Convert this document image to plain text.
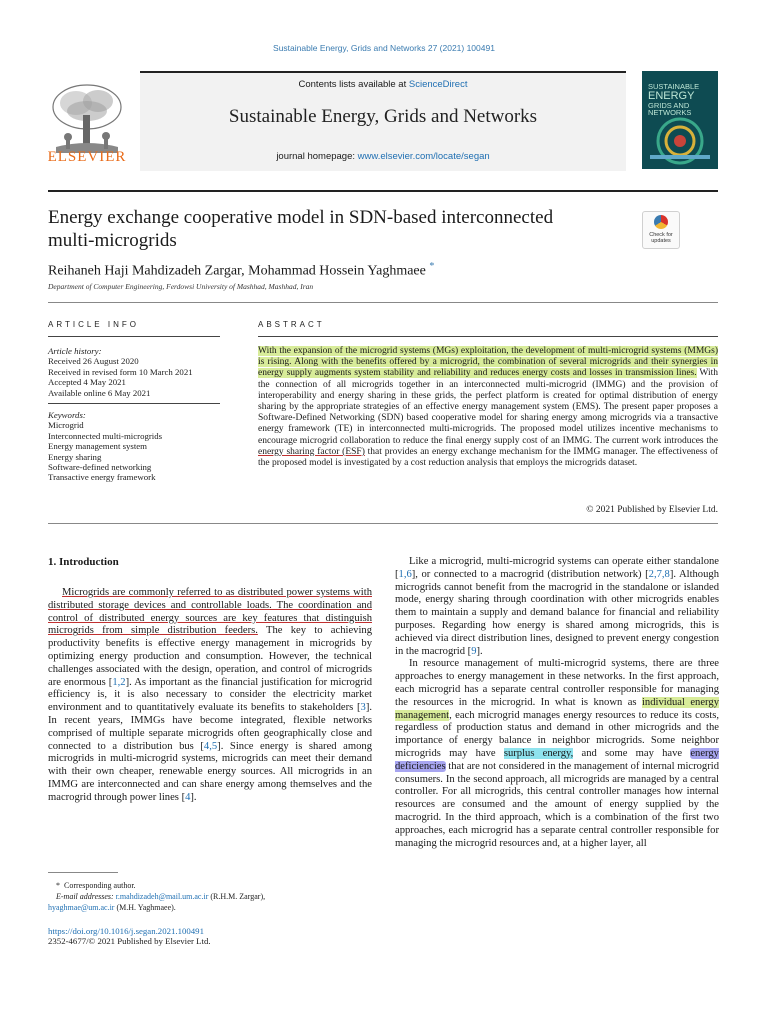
Sustainable Energy, Grids and Networks 27 (2021) 100491
Contents lists available at ScienceDirect
Sustainable Energy, Grids and Networks
journal homepage: www.elsevier.com/locate/segan
ELSEVIER
SUSTAINABLE
ENERGY
GRIDS AND
NETWORKS
Energy exchange cooperative model in SDN-based interconnected
multi-microgrids	Check for
updates
Reihaneh Haji Mahdizadeh Zargar, Mohammad Hossein Yaghmaee *
Department of Computer Engineering, Ferdowsi University of Mashhad, Mashhad, Iran
ARTICLE INFO	ABSTRACT
Article history:
Received 26 August 2020
Received in revised form 10 March 2021
Accepted 4 May 2021
Available online 6 May 2021
Keywords:
Microgrid
Interconnected multi-microgrids
Energy management system
Energy sharing
Software-defined networking
Transactive energy framework
With the expansion of the microgrid systems (MGs) exploitation, the development of multi-microgrid systems (MMGs) is rising. Along with the benefits offered by a microgrid, the combination of several microgrids and their synergies in energy supply augments system stability and reliability and reduces energy costs and losses in transmission lines. With the connection of all microgrids together in an interconnected multi-microgrid (IMMG) and the provision of interoperability and energy sharing in these grids, the perfect platform is created for optimal distribution of energy sharing by the appropriate strategies of an effective energy management system (EMS). The present paper proposes a Software-Defined Networking (SDN) based cooperative model for sharing energy among microgrids via a transactive energy framework (TE) in interconnected multi-microgrids. The proposed model utilizes incentive mechanisms to encourage microgrid collaboration to reduce the final energy supply cost of an IMMG. The current work introduces the energy sharing factor (ESF) that provides an energy exchange mechanism for the IMMG manager. The effectiveness of the proposed model is investigated by a cost reduction analysis that employs the microgrids dataset.
© 2021 Published by Elsevier Ltd.
1. Introduction

Microgrids are commonly referred to as distributed power systems with distributed storage devices and controllable loads. The coordination and control of distributed energy sources are key features that distinguish microgrids from simple distribution feeders. The key to achieving productivity benefits is effective energy management in microgrids by optimizing energy production and consumption. However, the technical challenges associated with the design, operation, and control of microgrids are enormous [1,2]. As important as the financial justification for microgrid efficiency is, it is also necessary to consider the electricity market environment and to quantitatively evaluate its benefits to stakeholders [3]. In recent years, IMMGs have become integrated, flexible networks comprised of multiple separate microgrids often geographically close and connected to a distribution bus [4,5]. Since energy is shared among microgrids in multi-microgrid systems, microgrids can meet their demand with their own cheaper, renewable energy sources. All microgrids in an IMMG are interconnected and can share energy among themselves and the macrogrid through power lines [4].

Like a microgrid, multi-microgrid systems can operate either standalone [1,6], or connected to a macrogrid (distribution network) [2,7,8]. Although microgrids cannot benefit from the macrogrid in the standalone or islanded mode, energy sharing through coordination with other microgrids enables them to maintain a supply and demand balance for financial and reliability purposes. Regarding how energy is shared among microgrids, this is achieved via direct distribution lines, designed to prevent energy congestion in the macrogrid [9].

In resource management of multi-microgrid systems, there are three approaches to energy management in these networks. In the first approach, each microgrid has a separate central controller responsible for managing the resources in the microgrid. In what is known as individual energy management, each microgrid manages energy resources to reduce its costs, regardless of production status and demand in other microgrids and the importance of energy balance in neighbor microgrids. Some neighbor microgrids may have surplus energy, and some may have energy deficiencies that are not considered in the management of internal microgrid consumers. In the second approach, all microgrids are managed by a central controller. For all microgrids, this central controller manages how internal resources are consumed and the amount of energy supplied by the macrogrid. In the third approach, which is a combination of the first two approaches, each microgrid has a separate central controller responsible for managing the microgrid resources and, at a higher layer, all

* Corresponding author.
E-mail addresses: r.mahdizadeh@mail.um.ac.ir (R.H.M. Zargar),
hyaghmae@um.ac.ir (M.H. Yaghmaee).
https://doi.org/10.1016/j.segan.2021.100491
2352-4677/© 2021 Published by Elsevier Ltd.
